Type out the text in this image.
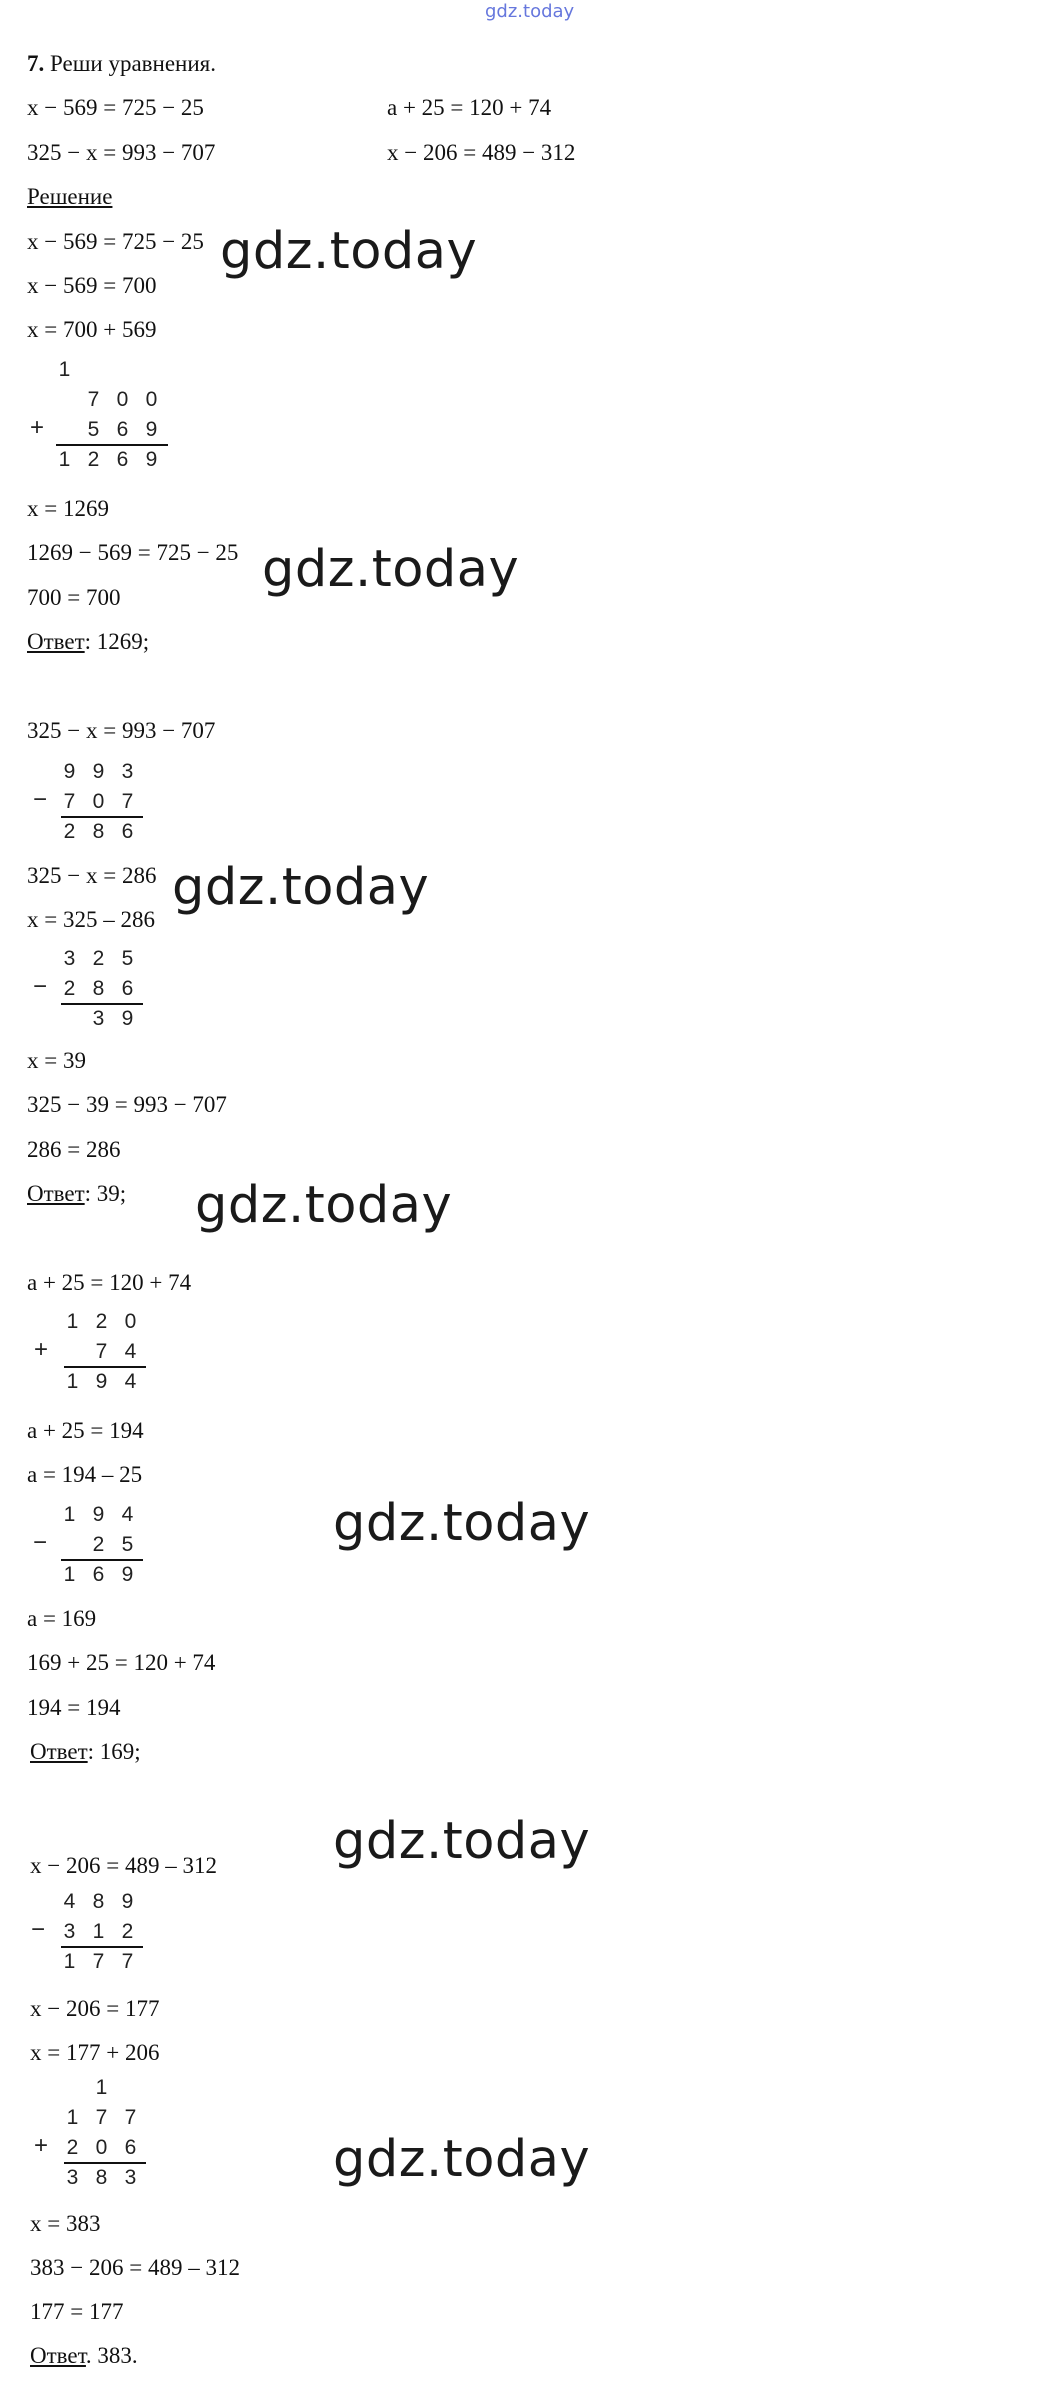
gdz.today
7. Реши уравнения.
x − 569 = 725 − 25	a + 25 = 120 + 74
325 − x = 993 − 707	x − 206 = 489 − 312
Решение
x − 569 = 725 − 25
x − 569 = 700
x = 700 + 569
1
7 0 0
5 6 9
1 2 6 9
+
x = 1269
1269 − 569 = 725 − 25
700 = 700
Ответ: 1269;
325 − x = 993 − 707
9 9 3
7 0 7
2 8 6
−
325 − x = 286
x = 325 – 286
3 2 5
2 8 6
3 9
−
x = 39
325 − 39 = 993 − 707
286 = 286
Ответ: 39;
a + 25 = 120 + 74
1 2 0
7 4
1 9 4
+
a + 25 = 194
a = 194 – 25
1 9 4
2 5
1 6 9
−
a = 169
169 + 25 = 120 + 74
194 = 194
Ответ: 169;
x − 206 = 489 – 312
4 8 9
3 1 2
1 7 7
−
x − 206 = 177
x = 177 + 206
1
1 7 7
2 0 6
3 8 3
+
x = 383
383 − 206 = 489 – 312
177 = 177
Ответ. 383.
gdz.today
gdz.today
gdz.today
gdz.today
gdz.today
gdz.today
gdz.today
